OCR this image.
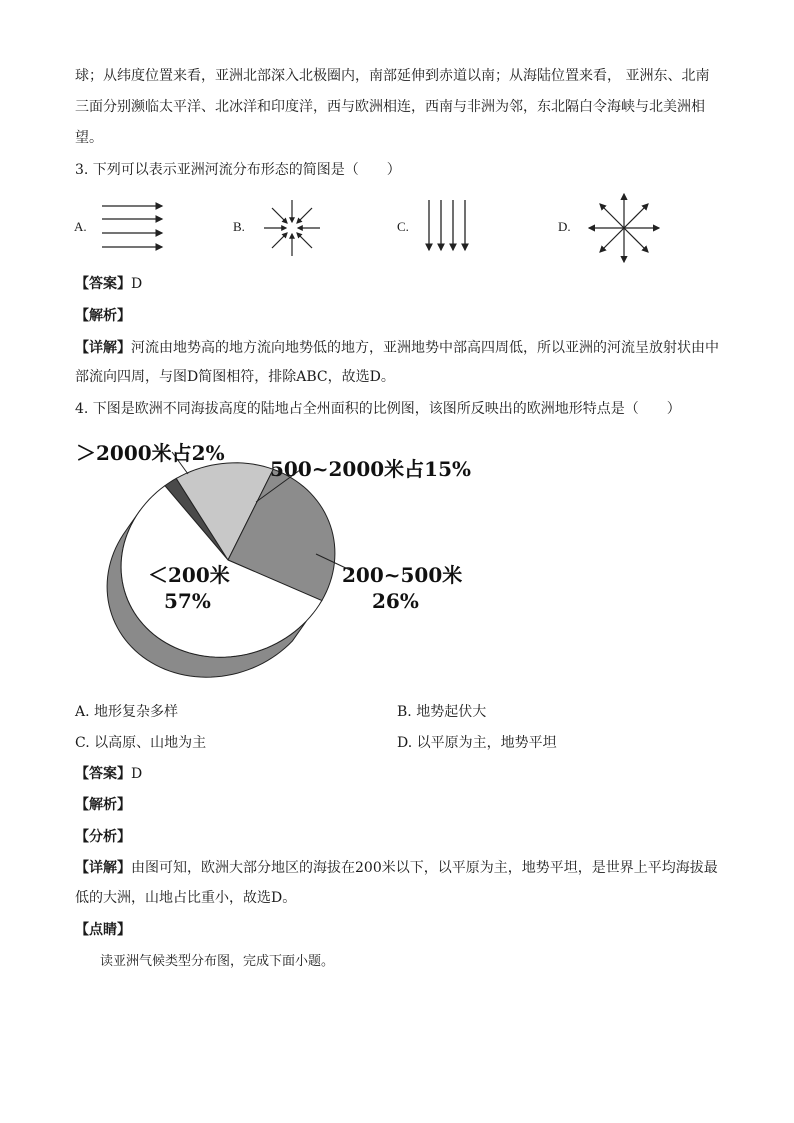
球；从纬度位置来看，亚洲北部深入北极圈内，南部延伸到赤道以南；从海陆位置来看， 亚洲东、北南
三面分别濒临太平洋、北冰洋和印度洋，西与欧洲相连，西南与非洲为邻，东北隔白令海峡与北美洲相
望。
3. 下列可以表示亚洲河流分布形态的简图是（　　）
A.	B.	C.	D.
【答案】D
【解析】
【详解】河流由地势高的地方流向地势低的地方，亚洲地势中部高四周低，所以亚洲的河流呈放射状由中
部流向四周，与图D简图相符，排除ABC，故选D。
4. 下图是欧洲不同海拔高度的陆地占全州面积的比例图，该图所反映出的欧洲地形特点是（　　）
＞2000米占2%
500~2000米占15%
＜200米
57%
200~500米
26%
A. 地形复杂多样	B. 地势起伏大
C. 以高原、山地为主	D. 以平原为主，地势平坦
【答案】D
【解析】
【分析】
【详解】由图可知，欧洲大部分地区的海拔在200米以下，以平原为主，地势平坦，是世界上平均海拔最
低的大洲，山地占比重小，故选D。
【点睛】
读亚洲气候类型分布图，完成下面小题。
